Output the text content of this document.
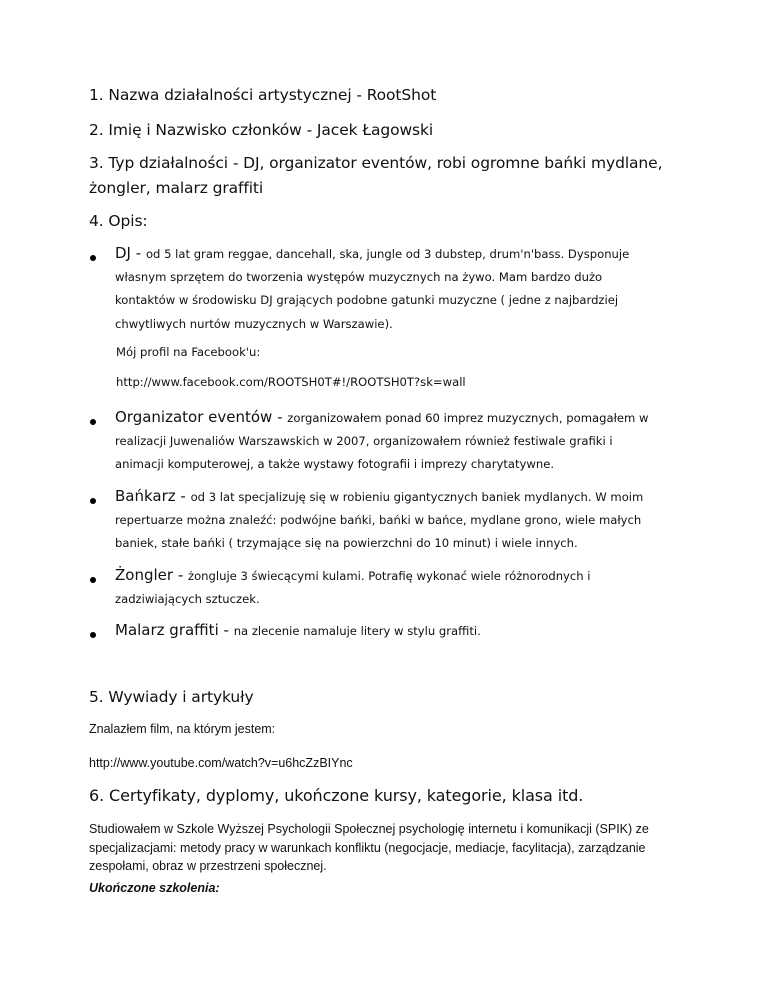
1. Nazwa działalności artystycznej - RootShot
2. Imię i Nazwisko członków - Jacek Łagowski
3. Typ działalności - DJ, organizator eventów, robi ogromne bańki mydlane, żongler, malarz graffiti
4. Opis:
DJ - od 5 lat gram reggae, dancehall, ska, jungle od 3 dubstep, drum'n'bass. Dysponuje własnym sprzętem do tworzenia występów muzycznych na żywo. Mam bardzo dużo kontaktów w środowisku DJ grających podobne gatunki muzyczne ( jedne z najbardziej chwytliwych nurtów muzycznych w Warszawie).
Mój profil na Facebook'u:
http://www.facebook.com/ROOTSH0T#!/ROOTSH0T?sk=wall
Organizator eventów - zorganizowałem ponad 60 imprez muzycznych, pomagałem w realizacji Juwenaliów Warszawskich w 2007, organizowałem również festiwale grafiki i animacji komputerowej, a także wystawy fotografii i imprezy charytatywne.
Bańkarz - od 3 lat specjalizuję się w robieniu gigantycznych baniek mydlanych. W moim repertuarze można znaleźć: podwójne bańki, bańki w bańce, mydlane grono, wiele małych baniek, stałe bańki ( trzymające się na powierzchni do 10 minut) i wiele innych.
Żongler - żongluje 3 świecącymi kulami. Potrafię wykonać wiele różnorodnych i zadziwiających sztuczek.
Malarz graffiti - na zlecenie namaluje litery w stylu graffiti.
5. Wywiady i artykuły
Znalazłem film, na którym jestem:
http://www.youtube.com/watch?v=u6hcZzBIYnc
6. Certyfikaty, dyplomy, ukończone kursy, kategorie, klasa itd.
Studiowałem w Szkole Wyższej Psychologii Społecznej psychologię internetu i komunikacji (SPIK) ze specjalizacjami: metody pracy w warunkach konfliktu (negocjacje, mediacje, facylitacja), zarządzanie zespołami, obraz w przestrzeni społecznej.
Ukończone szkolenia:
